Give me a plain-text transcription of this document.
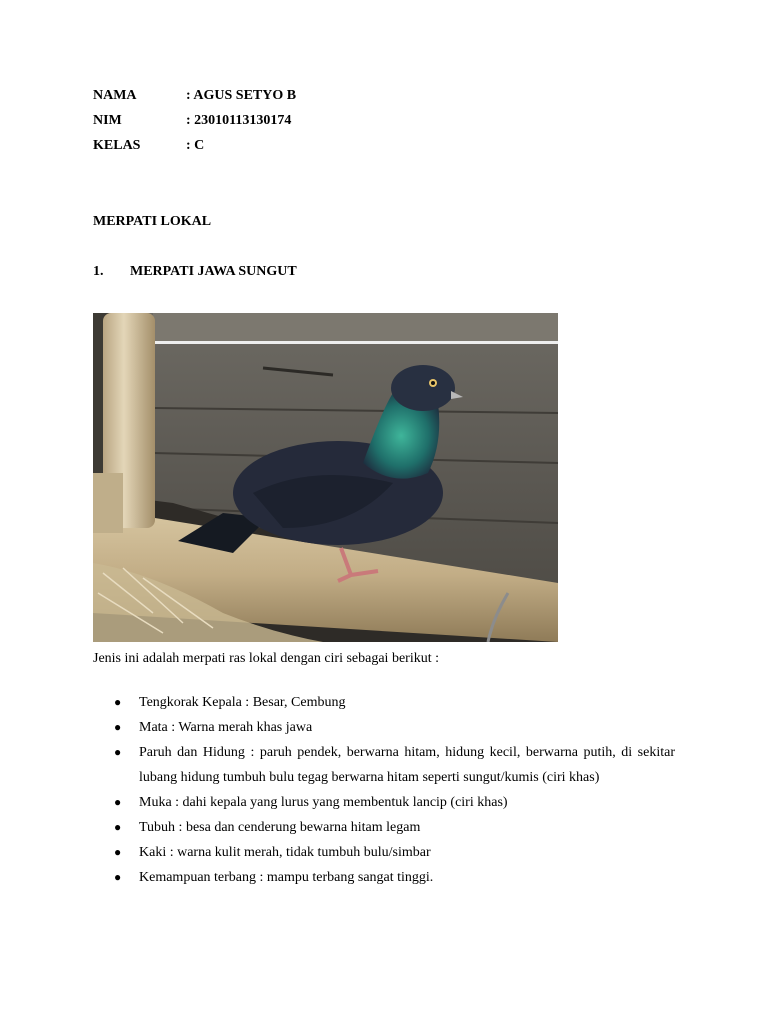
NAMA	: AGUS SETYO B
NIM	: 23010113130174
KELAS	: C
MERPATI LOKAL
1. MERPATI JAWA SUNGUT
Jenis ini adalah merpati ras lokal dengan ciri sebagai berikut :
● Tengkorak Kepala : Besar, Cembung
● Mata : Warna merah khas jawa
● Paruh dan Hidung : paruh pendek, berwarna hitam, hidung kecil, berwarna putih, di sekitar lubang hidung tumbuh bulu tegag berwarna hitam seperti sungut/kumis (ciri khas)
● Muka : dahi kepala yang lurus yang membentuk lancip (ciri khas)
● Tubuh : besa dan cenderung bewarna hitam legam
● Kaki : warna kulit merah, tidak tumbuh bulu/simbar
● Kemampuan terbang : mampu terbang sangat tinggi.
